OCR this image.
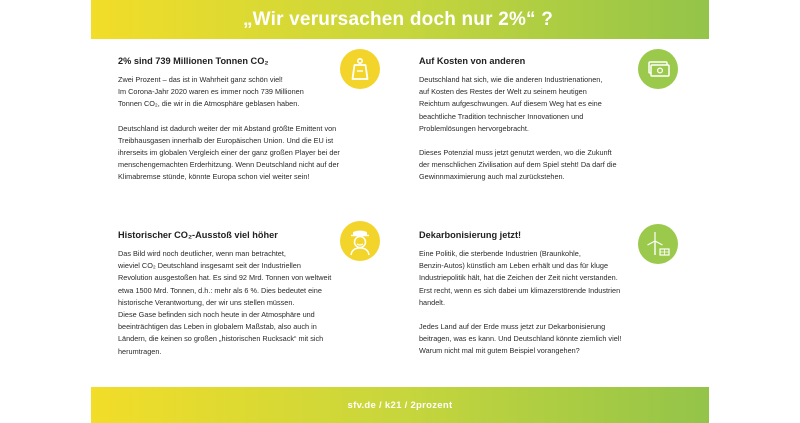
„Wir verursachen doch nur 2%“ ?
2% sind 739 Millionen Tonnen CO₂

Zwei Prozent – das ist in Wahrheit ganz schön viel!
Im Corona-Jahr 2020 waren es immer noch 739 Millionen
Tonnen CO₂, die wir in die Atmosphäre geblasen haben.

Deutschland ist dadurch weiter der mit Abstand größte Emittent von
Treibhausgasen innerhalb der Europäischen Union. Und die EU ist
ihrerseits im globalen Vergleich einer der ganz großen Player bei der
menschengemachten Erderhitzung. Wenn Deutschland nicht auf der
Klimabremse stünde, könnte Europa schon viel weiter sein!

Auf Kosten von anderen

Deutschland hat sich, wie die anderen Industrienationen,
auf Kosten des Restes der Welt zu seinem heutigen
Reichtum aufgeschwungen. Auf diesem Weg hat es eine
beachtliche Tradition technischer Innovationen und
Problemlösungen hervorgebracht.

Dieses Potenzial muss jetzt genutzt werden, wo die Zukunft
der menschlichen Zivilisation auf dem Spiel steht! Da darf die
Gewinnmaximierung auch mal zurückstehen.

Historischer CO₂-Ausstoß viel höher

Das Bild wird noch deutlicher, wenn man betrachtet,
wieviel CO₂ Deutschland insgesamt seit der Industriellen
Revolution ausgestoßen hat. Es sind 92 Mrd. Tonnen von weltweit
etwa 1500 Mrd. Tonnen, d.h.: mehr als 6 %. Dies bedeutet eine
historische Verantwortung, der wir uns stellen müssen.
Diese Gase befinden sich noch heute in der Atmosphäre und
beeinträchtigen das Leben in globalem Maßstab, also auch in
Ländern, die keinen so großen „historischen Rucksack“ mit sich
herumtragen.

Dekarbonisierung jetzt!

Eine Politik, die sterbende Industrien (Braunkohle,
Benzin-Autos) künstlich am Leben erhält und das für kluge
Industriepolitik hält, hat die Zeichen der Zeit nicht verstanden.
Erst recht, wenn es sich dabei um klimazerstörende Industrien
handelt.

Jedes Land auf der Erde muss jetzt zur Dekarbonisierung
beitragen, was es kann. Und Deutschland könnte ziemlich viel!
Warum nicht mal mit gutem Beispiel vorangehen?

sfv.de / k21 / 2prozent
